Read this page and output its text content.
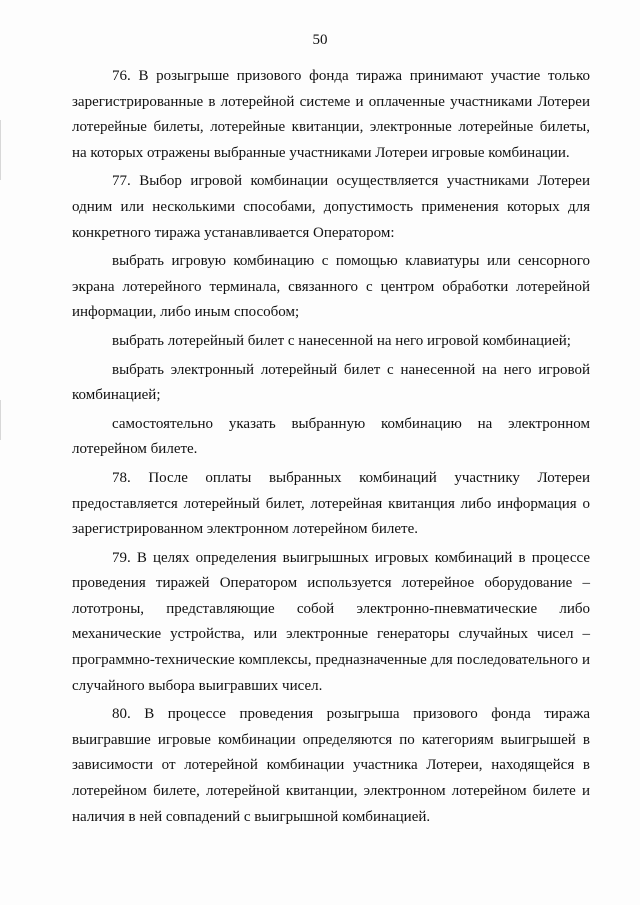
50

76. В розыгрыше призового фонда тиража принимают участие только зарегистрированные в лотерейной системе и оплаченные участниками Лотереи лотерейные билеты, лотерейные квитанции, электронные лотерейные билеты, на которых отражены выбранные участниками Лотереи игровые комбинации.

77. Выбор игровой комбинации осуществляется участниками Лотереи одним или несколькими способами, допустимость применения которых для конкретного тиража устанавливается Оператором:

выбрать игровую комбинацию с помощью клавиатуры или сенсорного экрана лотерейного терминала, связанного с центром обработки лотерейной информации, либо иным способом;

выбрать лотерейный билет с нанесенной на него игровой комбинацией;

выбрать электронный лотерейный билет с нанесенной на него игровой комбинацией;

самостоятельно указать выбранную комбинацию на электронном лотерейном билете.

78. После оплаты выбранных комбинаций участнику Лотереи предоставляется лотерейный билет, лотерейная квитанция либо информация о зарегистрированном электронном лотерейном билете.

79. В целях определения выигрышных игровых комбинаций в процессе проведения тиражей Оператором используется лотерейное оборудование – лототроны, представляющие собой электронно-пневматические либо механические устройства, или электронные генераторы случайных чисел – программно-технические комплексы, предназначенные для последовательного и случайного выбора выигравших чисел.

80. В процессе проведения розыгрыша призового фонда тиража выигравшие игровые комбинации определяются по категориям выигрышей в зависимости от лотерейной комбинации участника Лотереи, находящейся в лотерейном билете, лотерейной квитанции, электронном лотерейном билете и наличия в ней совпадений с выигрышной комбинацией.
